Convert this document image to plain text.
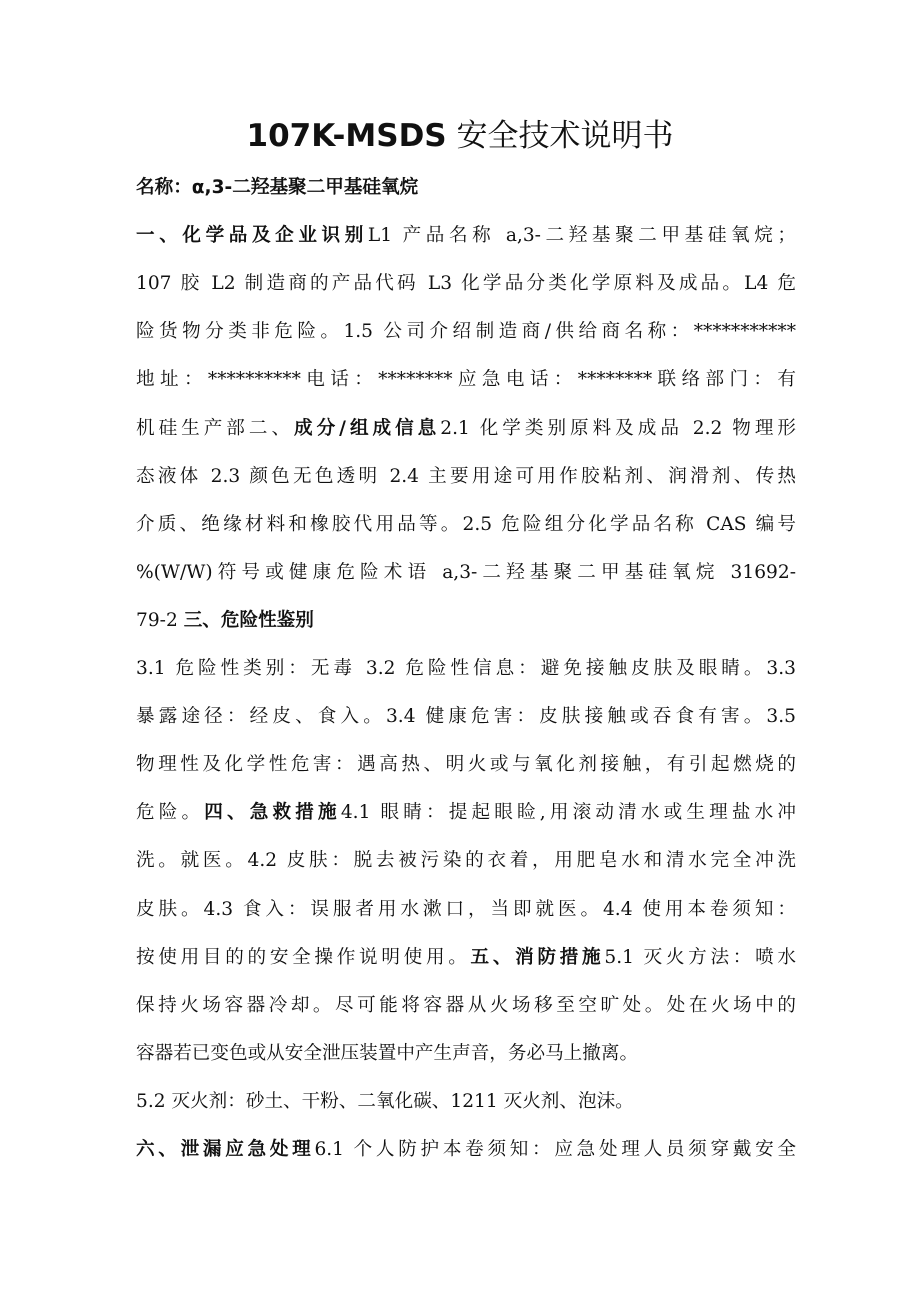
107K-MSDS 安全技术说明书
名称：α,3-二羟基聚二甲基硅氧烷
一、化学品及企业识别L1 产品名称 a,3-二羟基聚二甲基硅氧烷；
107 胶 L2 制造商的产品代码 L3 化学品分类化学原料及成品。L4 危
险货物分类非危险。1.5 公司介绍制造商/供给商名称：***********
地址：**********电话：********应急电话：********联络部门：有
机硅生产部二、成分/组成信息2.1 化学类别原料及成品 2.2 物理形
态液体 2.3 颜色无色透明 2.4 主要用途可用作胶粘剂、润滑剂、传热
介质、绝缘材料和橡胶代用品等。2.5 危险组分化学品名称 CAS 编号
%(W/W)符号或健康危险术语 a,3-二羟基聚二甲基硅氧烷 31692-
79-2 三、危险性鉴别
3.1 危险性类别：无毒 3.2 危险性信息：避免接触皮肤及眼睛。3.3
暴露途径：经皮、食入。3.4 健康危害：皮肤接触或吞食有害。3.5
物理性及化学性危害：遇高热、明火或与氧化剂接触，有引起燃烧的
危险。四、急救措施4.1 眼睛：提起眼睑,用滚动清水或生理盐水冲
洗。就医。4.2 皮肤：脱去被污染的衣着，用肥皂水和清水完全冲洗
皮肤。4.3 食入：误服者用水漱口，当即就医。4.4 使用本卷须知：
按使用目的的安全操作说明使用。五、消防措施5.1 灭火方法：喷水
保持火场容器冷却。尽可能将容器从火场移至空旷处。处在火场中的
容器若已变色或从安全泄压装置中产生声音，务必马上撤离。
5.2 灭火剂：砂土、干粉、二氧化碳、1211 灭火剂、泡沫。
六、泄漏应急处理6.1 个人防护本卷须知：应急处理人员须穿戴安全
